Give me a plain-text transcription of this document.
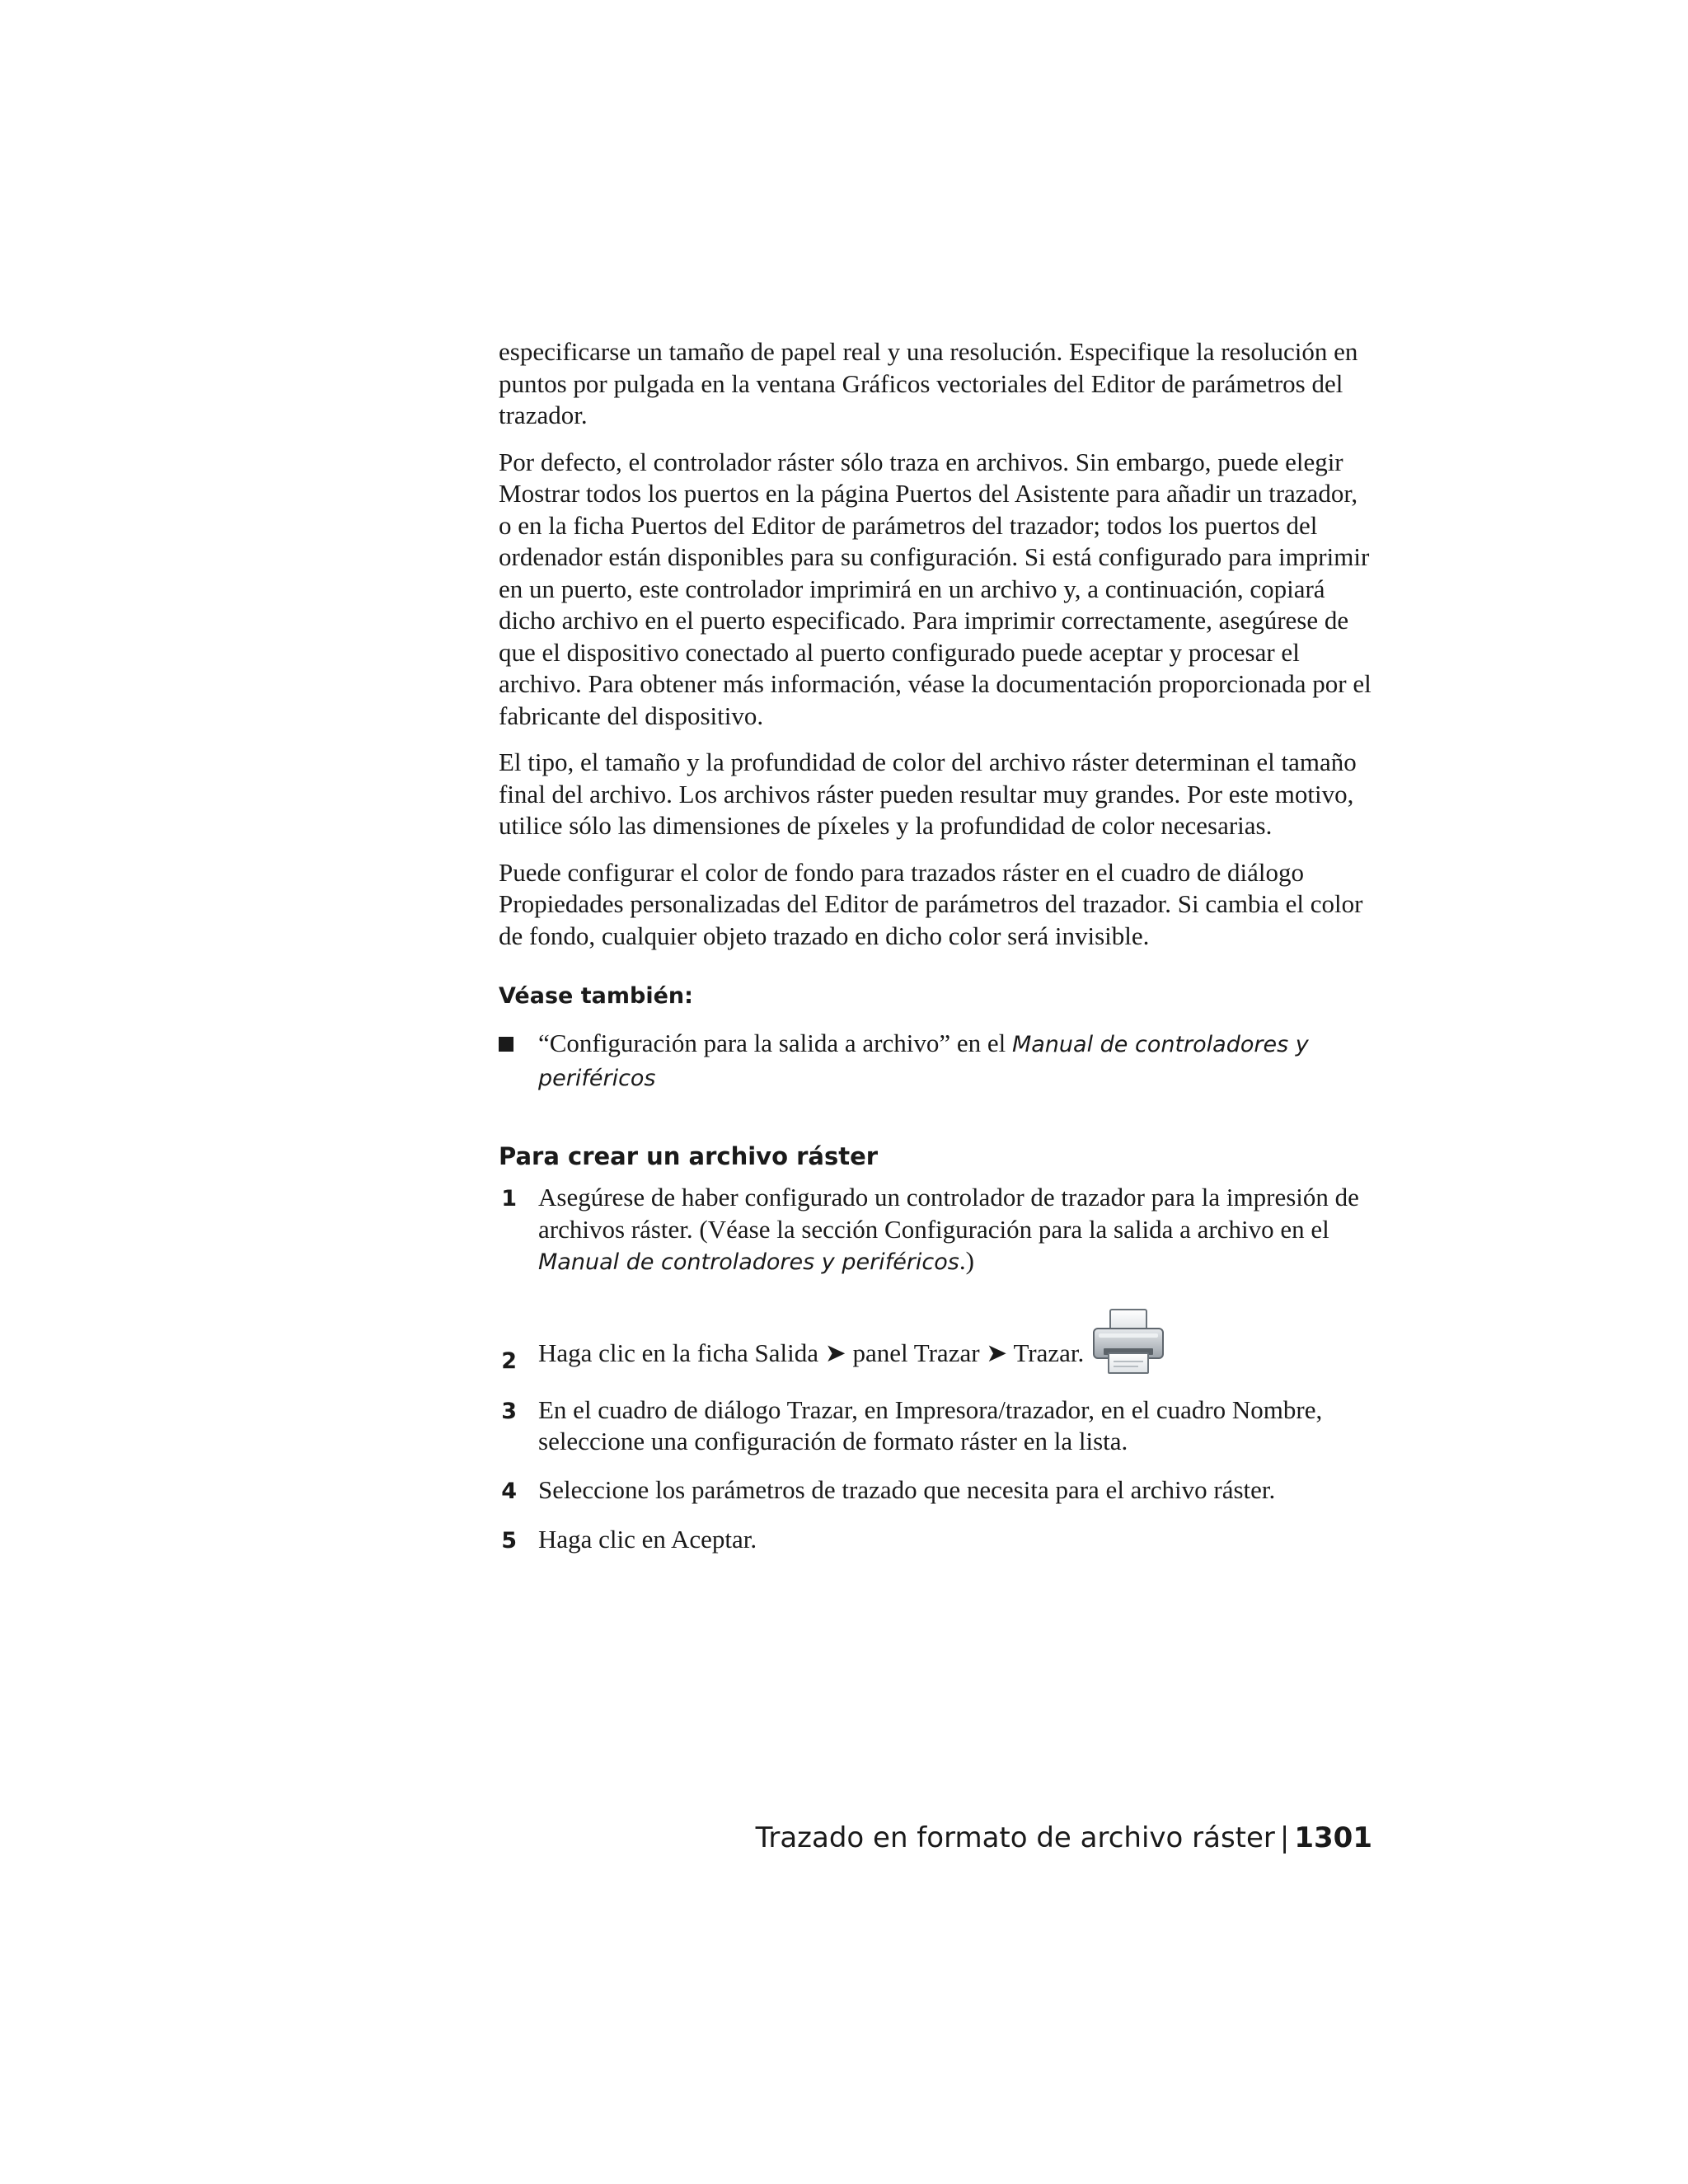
especificarse un tamaño de papel real y una resolución. Especifique la resolución en puntos por pulgada en la ventana Gráficos vectoriales del Editor de parámetros del trazador.

Por defecto, el controlador ráster sólo traza en archivos. Sin embargo, puede elegir Mostrar todos los puertos en la página Puertos del Asistente para añadir un trazador, o en la ficha Puertos del Editor de parámetros del trazador; todos los puertos del ordenador están disponibles para su configuración. Si está configurado para imprimir en un puerto, este controlador imprimirá en un archivo y, a continuación, copiará dicho archivo en el puerto especificado. Para imprimir correctamente, asegúrese de que el dispositivo conectado al puerto configurado puede aceptar y procesar el archivo. Para obtener más información, véase la documentación proporcionada por el fabricante del dispositivo.

El tipo, el tamaño y la profundidad de color del archivo ráster determinan el tamaño final del archivo. Los archivos ráster pueden resultar muy grandes. Por este motivo, utilice sólo las dimensiones de píxeles y la profundidad de color necesarias.

Puede configurar el color de fondo para trazados ráster en el cuadro de diálogo Propiedades personalizadas del Editor de parámetros del trazador. Si cambia el color de fondo, cualquier objeto trazado en dicho color será invisible.

Véase también:
“Configuración para la salida a archivo” en el Manual de controladores y periféricos
Para crear un archivo ráster
1 Asegúrese de haber configurado un controlador de trazador para la impresión de archivos ráster. (Véase la sección Configuración para la salida a archivo en el Manual de controladores y periféricos.)
2 Haga clic en la ficha Salida ➤ panel Trazar ➤ Trazar.
3 En el cuadro de diálogo Trazar, en Impresora/trazador, en el cuadro Nombre, seleccione una configuración de formato ráster en la lista.
4 Seleccione los parámetros de trazado que necesita para el archivo ráster.
5 Haga clic en Aceptar.
Trazado en formato de archivo ráster | 1301
